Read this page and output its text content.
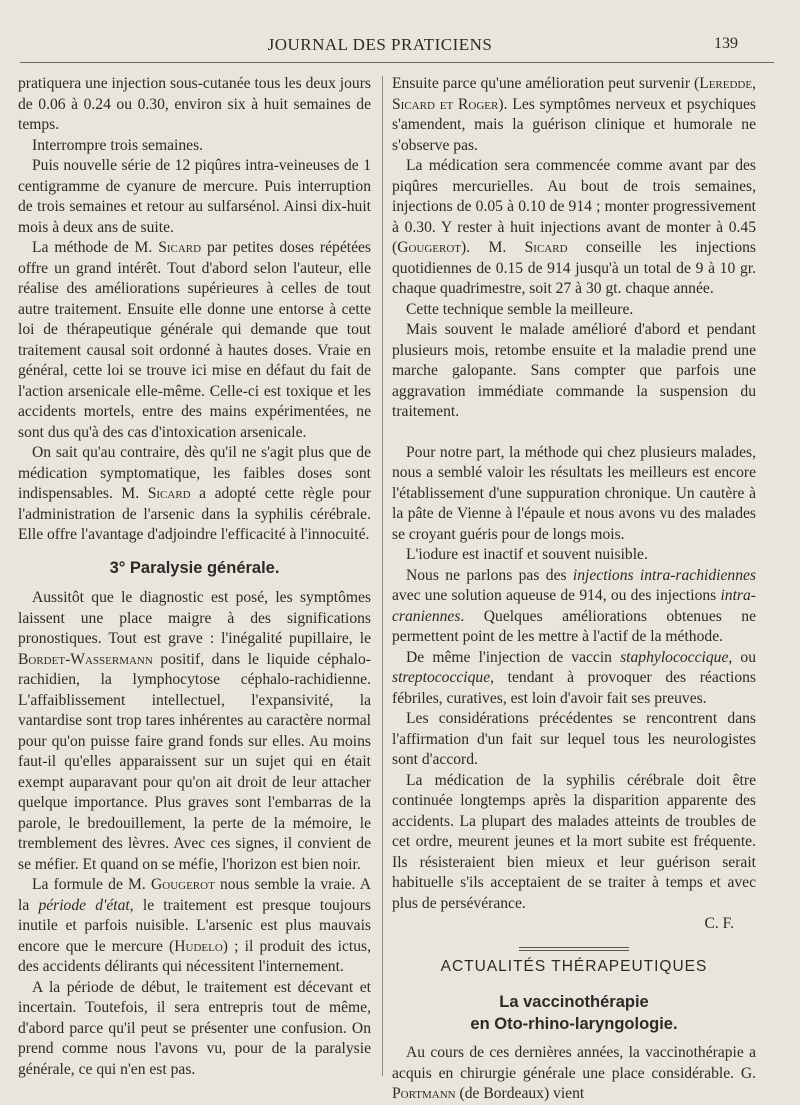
JOURNAL DES PRATICIENS	139

pratiquera une injection sous-cutanée tous les deux jours de 0.06 à 0.24 ou 0.30, environ six à huit semaines de temps.

Interrompre trois semaines.

Puis nouvelle série de 12 piqûres intra-veineuses de 1 centigramme de cyanure de mercure. Puis interruption de trois semaines et retour au sulfarsénol. Ainsi dix-huit mois à deux ans de suite.

La méthode de M. Sicard par petites doses répétées offre un grand intérêt. Tout d'abord selon l'auteur, elle réalise des améliorations supérieures à celles de tout autre traitement. Ensuite elle donne une entorse à cette loi de thérapeutique générale qui demande que tout traitement causal soit ordonné à hautes doses. Vraie en général, cette loi se trouve ici mise en défaut du fait de l'action arsenicale elle-même. Celle-ci est toxique et les accidents mortels, entre des mains expérimentées, ne sont dus qu'à des cas d'intoxication arsenicale.

On sait qu'au contraire, dès qu'il ne s'agit plus que de médication symptomatique, les faibles doses sont indispensables. M. Sicard a adopté cette règle pour l'administration de l'arsenic dans la syphilis cérébrale. Elle offre l'avantage d'adjoindre l'efficacité à l'innocuité.

3° Paralysie générale.

Aussitôt que le diagnostic est posé, les symptômes laissent une place maigre à des significations pronostiques. Tout est grave : l'inégalité pupillaire, le Bordet-Wassermann positif, dans le liquide céphalo-rachidien, la lymphocytose céphalo-rachidienne. L'affaiblissement intellectuel, l'expansivité, la vantardise sont trop tares inhérentes au caractère normal pour qu'on puisse faire grand fonds sur elles. Au moins faut-il qu'elles apparaissent sur un sujet qui en était exempt auparavant pour qu'on ait droit de leur attacher quelque importance. Plus graves sont l'embarras de la parole, le bredouillement, la perte de la mémoire, le tremblement des lèvres. Avec ces signes, il convient de se méfier. Et quand on se méfie, l'horizon est bien noir.

La formule de M. Gougerot nous semble la vraie. A la période d'état, le traitement est presque toujours inutile et parfois nuisible. L'arsenic est plus mauvais encore que le mercure (Hudelo) ; il produit des ictus, des accidents délirants qui nécessitent l'internement.

A la période de début, le traitement est décevant et incertain. Toutefois, il sera entrepris tout de même, d'abord parce qu'il peut se présenter une confusion. On prend comme nous l'avons vu, pour de la paralysie générale, ce qui n'en est pas.

Ensuite parce qu'une amélioration peut survenir (Leredde, Sicard et Roger). Les symptômes nerveux et psychiques s'amendent, mais la guérison clinique et humorale ne s'observe pas.

La médication sera commencée comme avant par des piqûres mercurielles. Au bout de trois semaines, injections de 0.05 à 0.10 de 914 ; monter progressivement à 0.30. Y rester à huit injections avant de monter à 0.45 (Gougerot). M. Sicard conseille les injections quotidiennes de 0.15 de 914 jusqu'à un total de 9 à 10 gr. chaque quadrimestre, soit 27 à 30 gt. chaque année.

Cette technique semble la meilleure.

Mais souvent le malade amélioré d'abord et pendant plusieurs mois, retombe ensuite et la maladie prend une marche galopante. Sans compter que parfois une aggravation immédiate commande la suspension du traitement.

Pour notre part, la méthode qui chez plusieurs malades, nous a semblé valoir les résultats les meilleurs est encore l'établissement d'une suppuration chronique. Un cautère à la pâte de Vienne à l'épaule et nous avons vu des malades se croyant guéris pour de longs mois.

L'iodure est inactif et souvent nuisible.

Nous ne parlons pas des injections intra-rachidiennes avec une solution aqueuse de 914, ou des injections intra-craniennes. Quelques améliorations obtenues ne permettent point de les mettre à l'actif de la méthode.

De même l'injection de vaccin staphylococcique, ou streptococcique, tendant à provoquer des réactions fébriles, curatives, est loin d'avoir fait ses preuves.

Les considérations précédentes se rencontrent dans l'affirmation d'un fait sur lequel tous les neurologistes sont d'accord.

La médication de la syphilis cérébrale doit être continuée longtemps après la disparition apparente des accidents. La plupart des malades atteints de troubles de cet ordre, meurent jeunes et la mort subite est fréquente. Ils résisteraient bien mieux et leur guérison serait habituelle s'ils acceptaient de se traiter à temps et avec plus de persévérance.

C. F.
ACTUALITÉS THÉRAPEUTIQUES
La vaccinothérapie
en Oto-rhino-laryngologie.

Au cours de ces dernières années, la vaccinothérapie a acquis en chirurgie générale une place considérable. G. Portmann (de Bordeaux) vient
